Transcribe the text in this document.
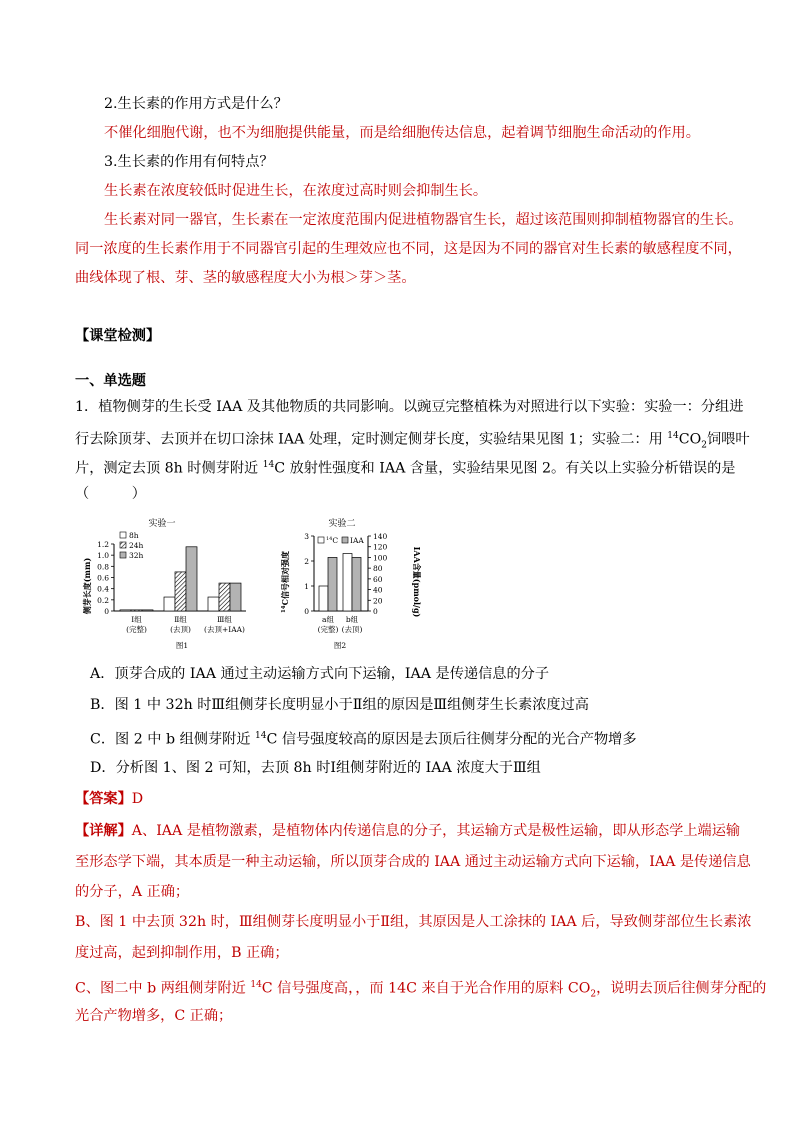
2.生长素的作用方式是什么？
不催化细胞代谢，也不为细胞提供能量，而是给细胞传达信息，起着调节细胞生命活动的作用。
3.生长素的作用有何特点？
生长素在浓度较低时促进生长，在浓度过高时则会抑制生长。
生长素对同一器官，生长素在一定浓度范围内促进植物器官生长，超过该范围则抑制植物器官的生长。
同一浓度的生长素作用于不同器官引起的生理效应也不同，这是因为不同的器官对生长素的敏感程度不同，
曲线体现了根、芽、茎的敏感程度大小为根＞芽＞茎。
【课堂检测】
一、单选题
1．植物侧芽的生长受 IAA 及其他物质的共同影响。以豌豆完整植株为对照进行以下实验：实验一：分组进
行去除顶芽、去顶并在切口涂抹 IAA 处理，定时测定侧芽长度，实验结果见图 1；实验二：用 $^{14}CO_2$饲喂叶
片，测定去顶 8h 时侧芽附近 $^{14}$C 放射性强度和 IAA 含量，实验结果见图 2。有关以上实验分析错误的是
（　　　）
实验一
侧芽长度(mm) 0
0.2
0.4
0.6
0.8
1.0
1.2
8h
24h
32h
Ⅰ组
(完整)
Ⅱ组
(去顶)
Ⅲ组
(去顶+IAA)
图1
实验二
$^{14}$C信号相对强度	IAA含量(pmol/g)
0
1
2
3
0
20
40
60
80
100
120
140
$^{14}$C IAA
a组
(完整)
b组
(去顶)
图2
A．顶芽合成的 IAA 通过主动运输方式向下运输，IAA 是传递信息的分子
B．图 1 中 32h 时Ⅲ组侧芽长度明显小于Ⅱ组的原因是Ⅲ组侧芽生长素浓度过高
C．图 2 中 b 组侧芽附近 $^{14}$C 信号强度较高的原因是去顶后往侧芽分配的光合产物增多
D．分析图 1、图 2 可知，去顶 8h 时Ⅰ组侧芽附近的 IAA 浓度大于Ⅲ组
【答案】D
【详解】A、IAA 是植物激素，是植物体内传递信息的分子，其运输方式是极性运输，即从形态学上端运输
至形态学下端，其本质是一种主动运输，所以顶芽合成的 IAA 通过主动运输方式向下运输，IAA 是传递信息
的分子，A 正确；
B、图 1 中去顶 32h 时，Ⅲ组侧芽长度明显小于Ⅱ组，其原因是人工涂抹的 IAA 后，导致侧芽部位生长素浓
度过高，起到抑制作用，B 正确；
C、图二中 b 两组侧芽附近 $^{14}$C 信号强度高，，而 14C 来自于光合作用的原料 $CO_2$，说明去顶后往侧芽分配的
光合产物增多，C 正确；
